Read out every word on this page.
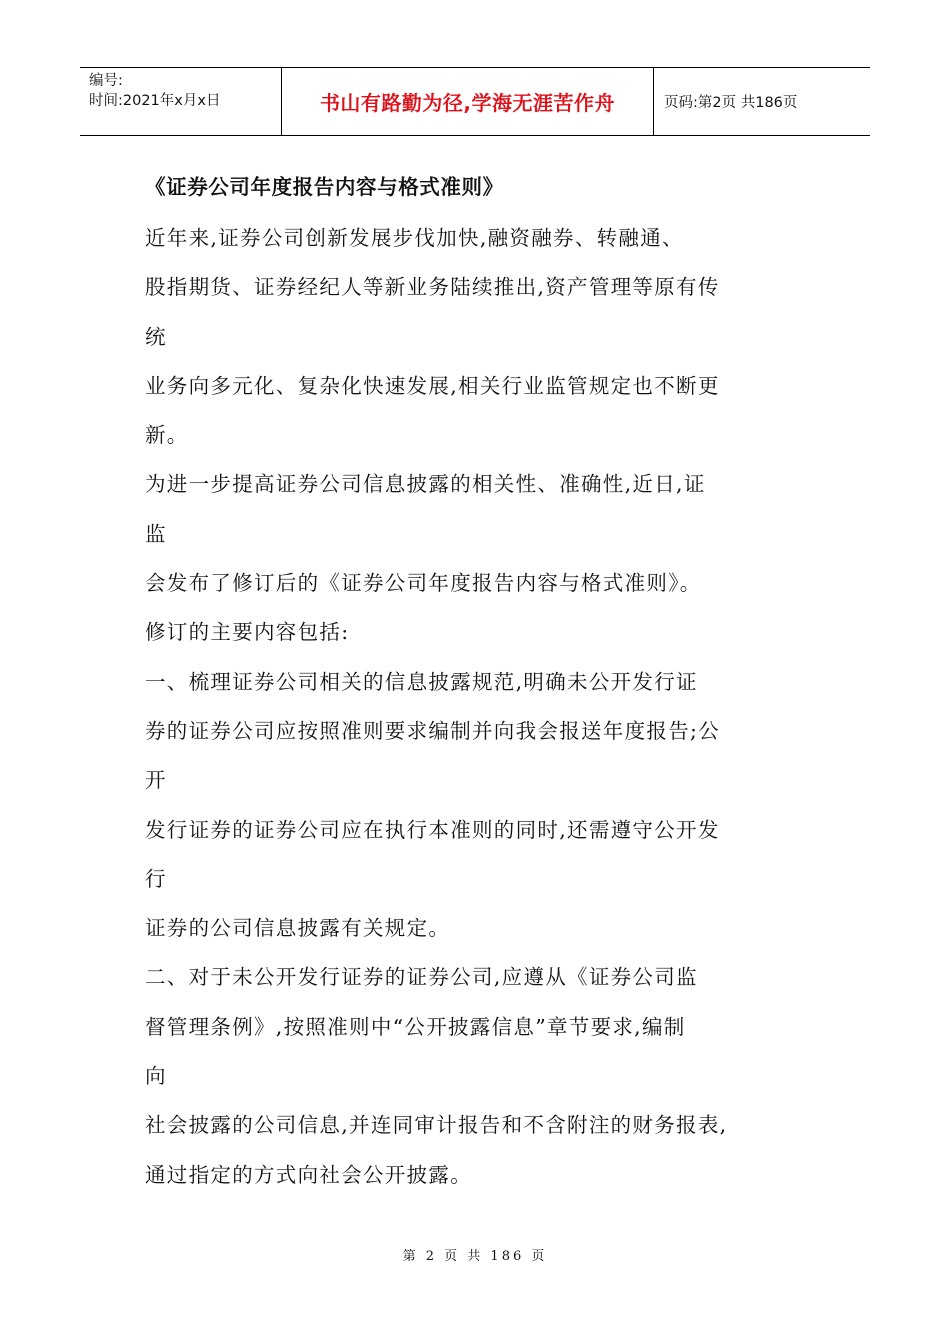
编号:
时间:2021年x月x日	书山有路勤为径,学海无涯苦作舟	页码:第2页 共186页
《证券公司年度报告内容与格式准则》
近年来,证券公司创新发展步伐加快,融资融券、转融通、
股指期货、证券经纪人等新业务陆续推出,资产管理等原有传
统
业务向多元化、复杂化快速发展,相关行业监管规定也不断更
新。
为进一步提高证券公司信息披露的相关性、准确性,近日,证
监
会发布了修订后的《证券公司年度报告内容与格式准则》。
修订的主要内容包括:
一、梳理证券公司相关的信息披露规范,明确未公开发行证
券的证券公司应按照准则要求编制并向我会报送年度报告;公
开
发行证券的证券公司应在执行本准则的同时,还需遵守公开发
行
证券的公司信息披露有关规定。
二、对于未公开发行证券的证券公司,应遵从《证券公司监
督管理条例》,按照准则中“公开披露信息”章节要求,编制
向
社会披露的公司信息,并连同审计报告和不含附注的财务报表,
通过指定的方式向社会公开披露。
第 2 页 共 186 页
